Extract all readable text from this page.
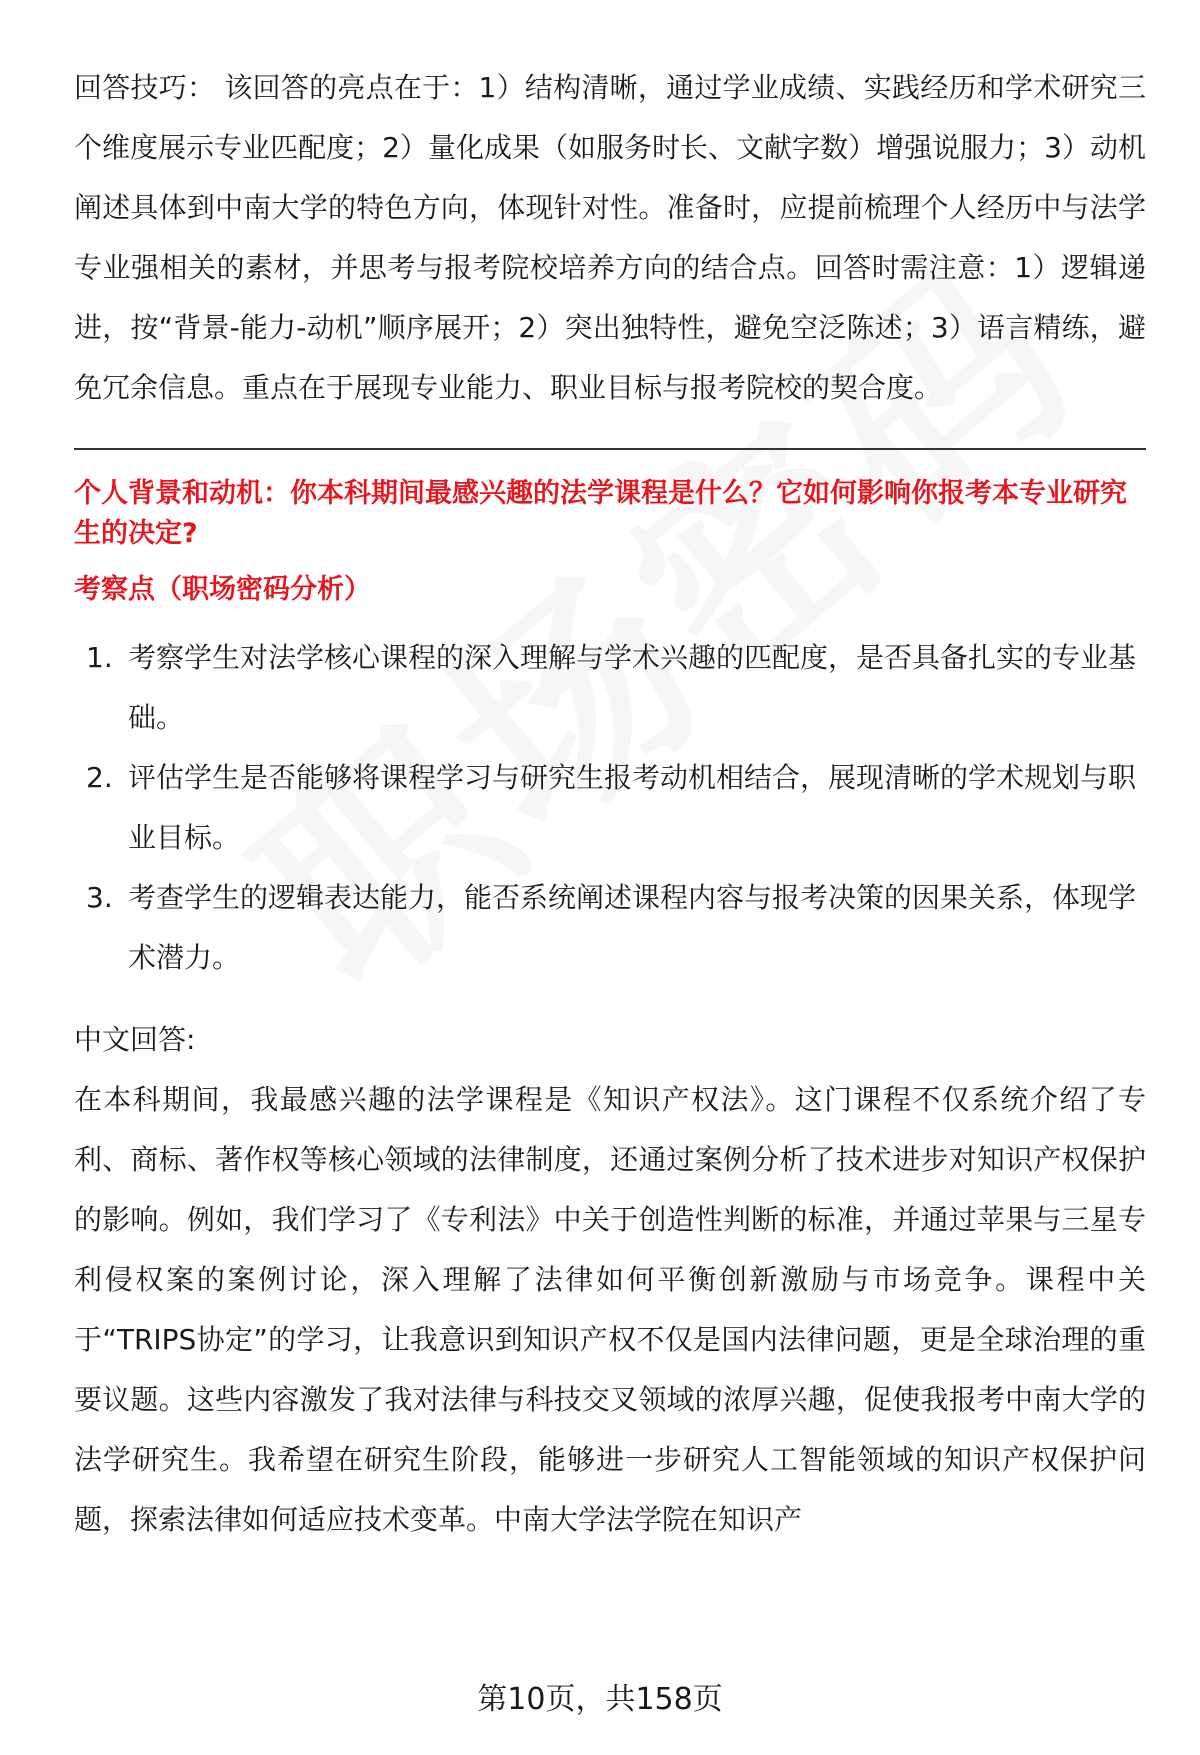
回答技巧： 该回答的亮点在于：1）结构清晰，通过学业成绩、实践经历和学术研究三个维度展示专业匹配度；2）量化成果（如服务时长、文献字数）增强说服力；3）动机阐述具体到中南大学的特色方向，体现针对性。准备时，应提前梳理个人经历中与法学专业强相关的素材，并思考与报考院校培养方向的结合点。回答时需注意：1）逻辑递进，按“背景-能力-动机”顺序展开；2）突出独特性，避免空泛陈述；3）语言精练，避免冗余信息。重点在于展现专业能力、职业目标与报考院校的契合度。

个人背景和动机：你本科期间最感兴趣的法学课程是什么？它如何影响你报考本专业研究生的决定?
考察点（职场密码分析）
1. 考察学生对法学核心课程的深入理解与学术兴趣的匹配度，是否具备扎实的专业基础。
2. 评估学生是否能够将课程学习与研究生报考动机相结合，展现清晰的学术规划与职业目标。
3. 考查学生的逻辑表达能力，能否系统阐述课程内容与报考决策的因果关系，体现学术潜力。

中文回答:

在本科期间，我最感兴趣的法学课程是《知识产权法》。这门课程不仅系统介绍了专利、商标、著作权等核心领域的法律制度，还通过案例分析了技术进步对知识产权保护的影响。例如，我们学习了《专利法》中关于创造性判断的标准，并通过苹果与三星专利侵权案的案例讨论，深入理解了法律如何平衡创新激励与市场竞争。课程中关于“TRIPS协定”的学习，让我意识到知识产权不仅是国内法律问题，更是全球治理的重要议题。这些内容激发了我对法律与科技交叉领域的浓厚兴趣，促使我报考中南大学的法学研究生。我希望在研究生阶段，能够进一步研究人工智能领域的知识产权保护问题，探索法律如何适应技术变革。中南大学法学院在知识产

第10页，共158页
